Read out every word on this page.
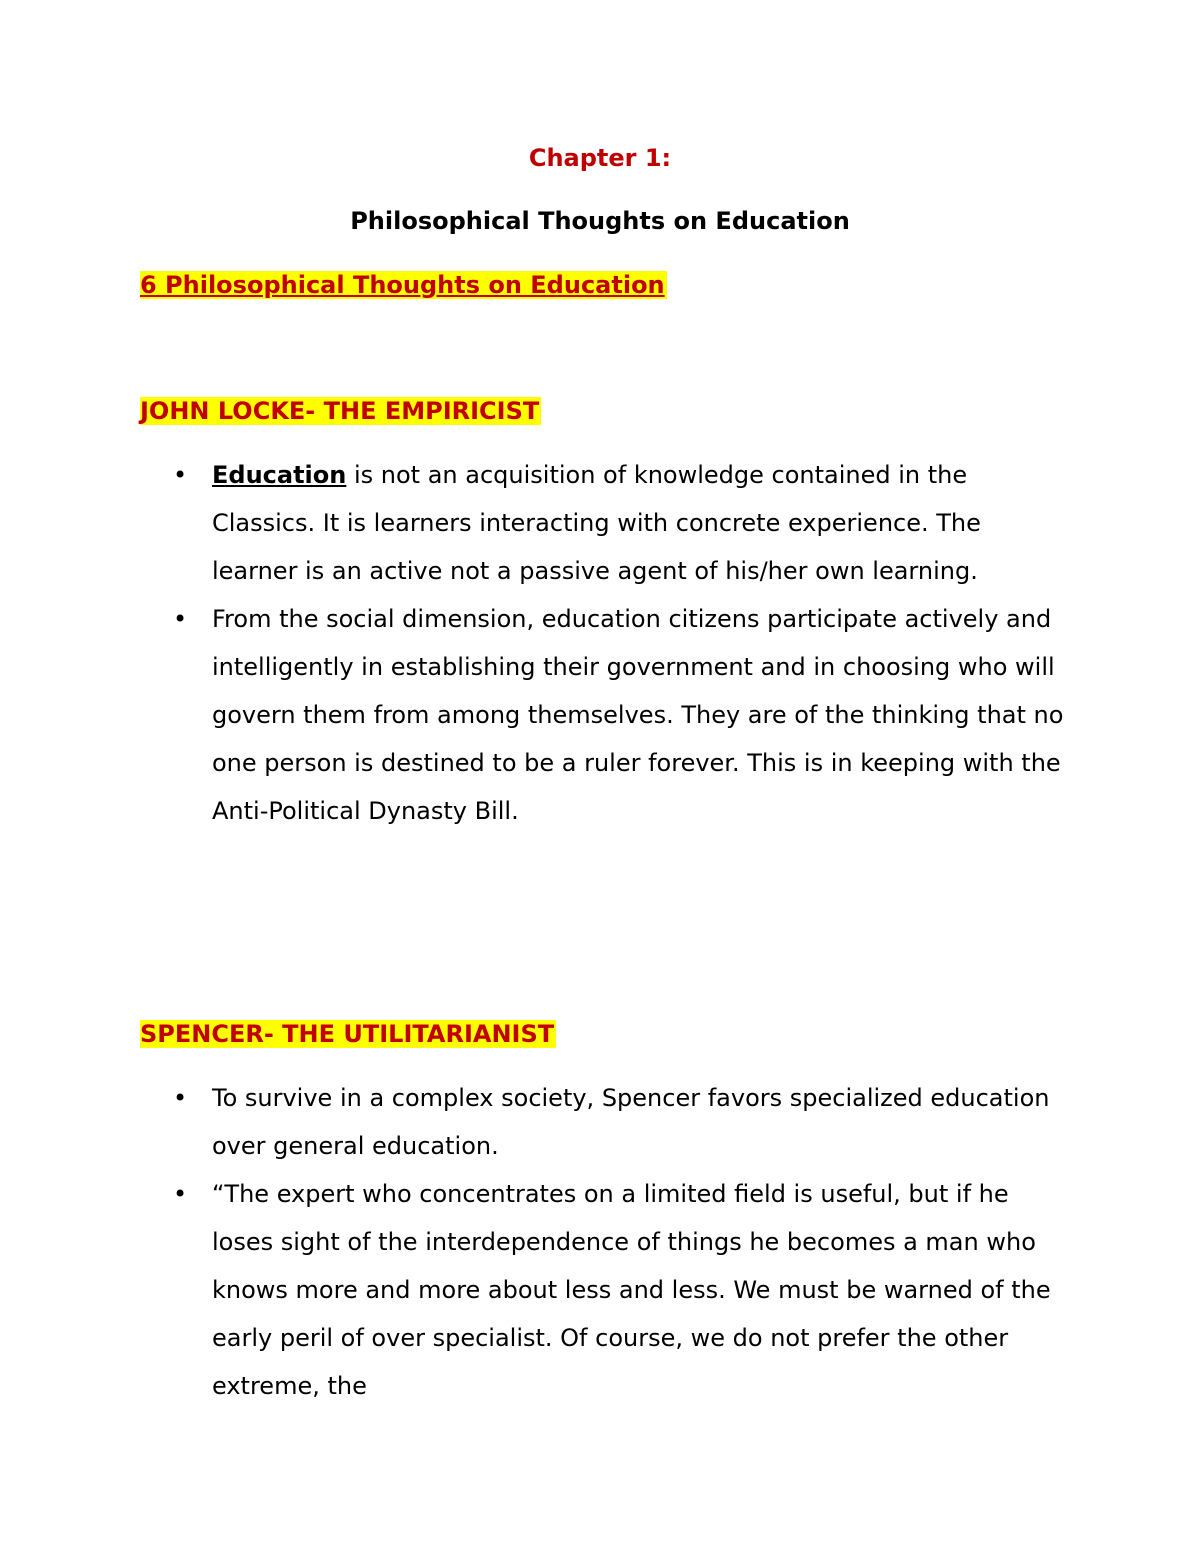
Chapter 1:
Philosophical Thoughts on Education
6 Philosophical Thoughts on Education
JOHN LOCKE- THE EMPIRICIST
• Education is not an acquisition of knowledge contained in the Classics. It is learners interacting with concrete experience. The learner is an active not a passive agent of his/her own learning.
• From the social dimension, education citizens participate actively and intelligently in establishing their government and in choosing who will govern them from among themselves. They are of the thinking that no one person is destined to be a ruler forever. This is in keeping with the Anti-Political Dynasty Bill.
SPENCER- THE UTILITARIANIST
• To survive in a complex society, Spencer favors specialized education over general education.
• “The expert who concentrates on a limited field is useful, but if he loses sight of the interdependence of things he becomes a man who knows more and more about less and less. We must be warned of the early peril of over specialist. Of course, we do not prefer the other extreme, the
